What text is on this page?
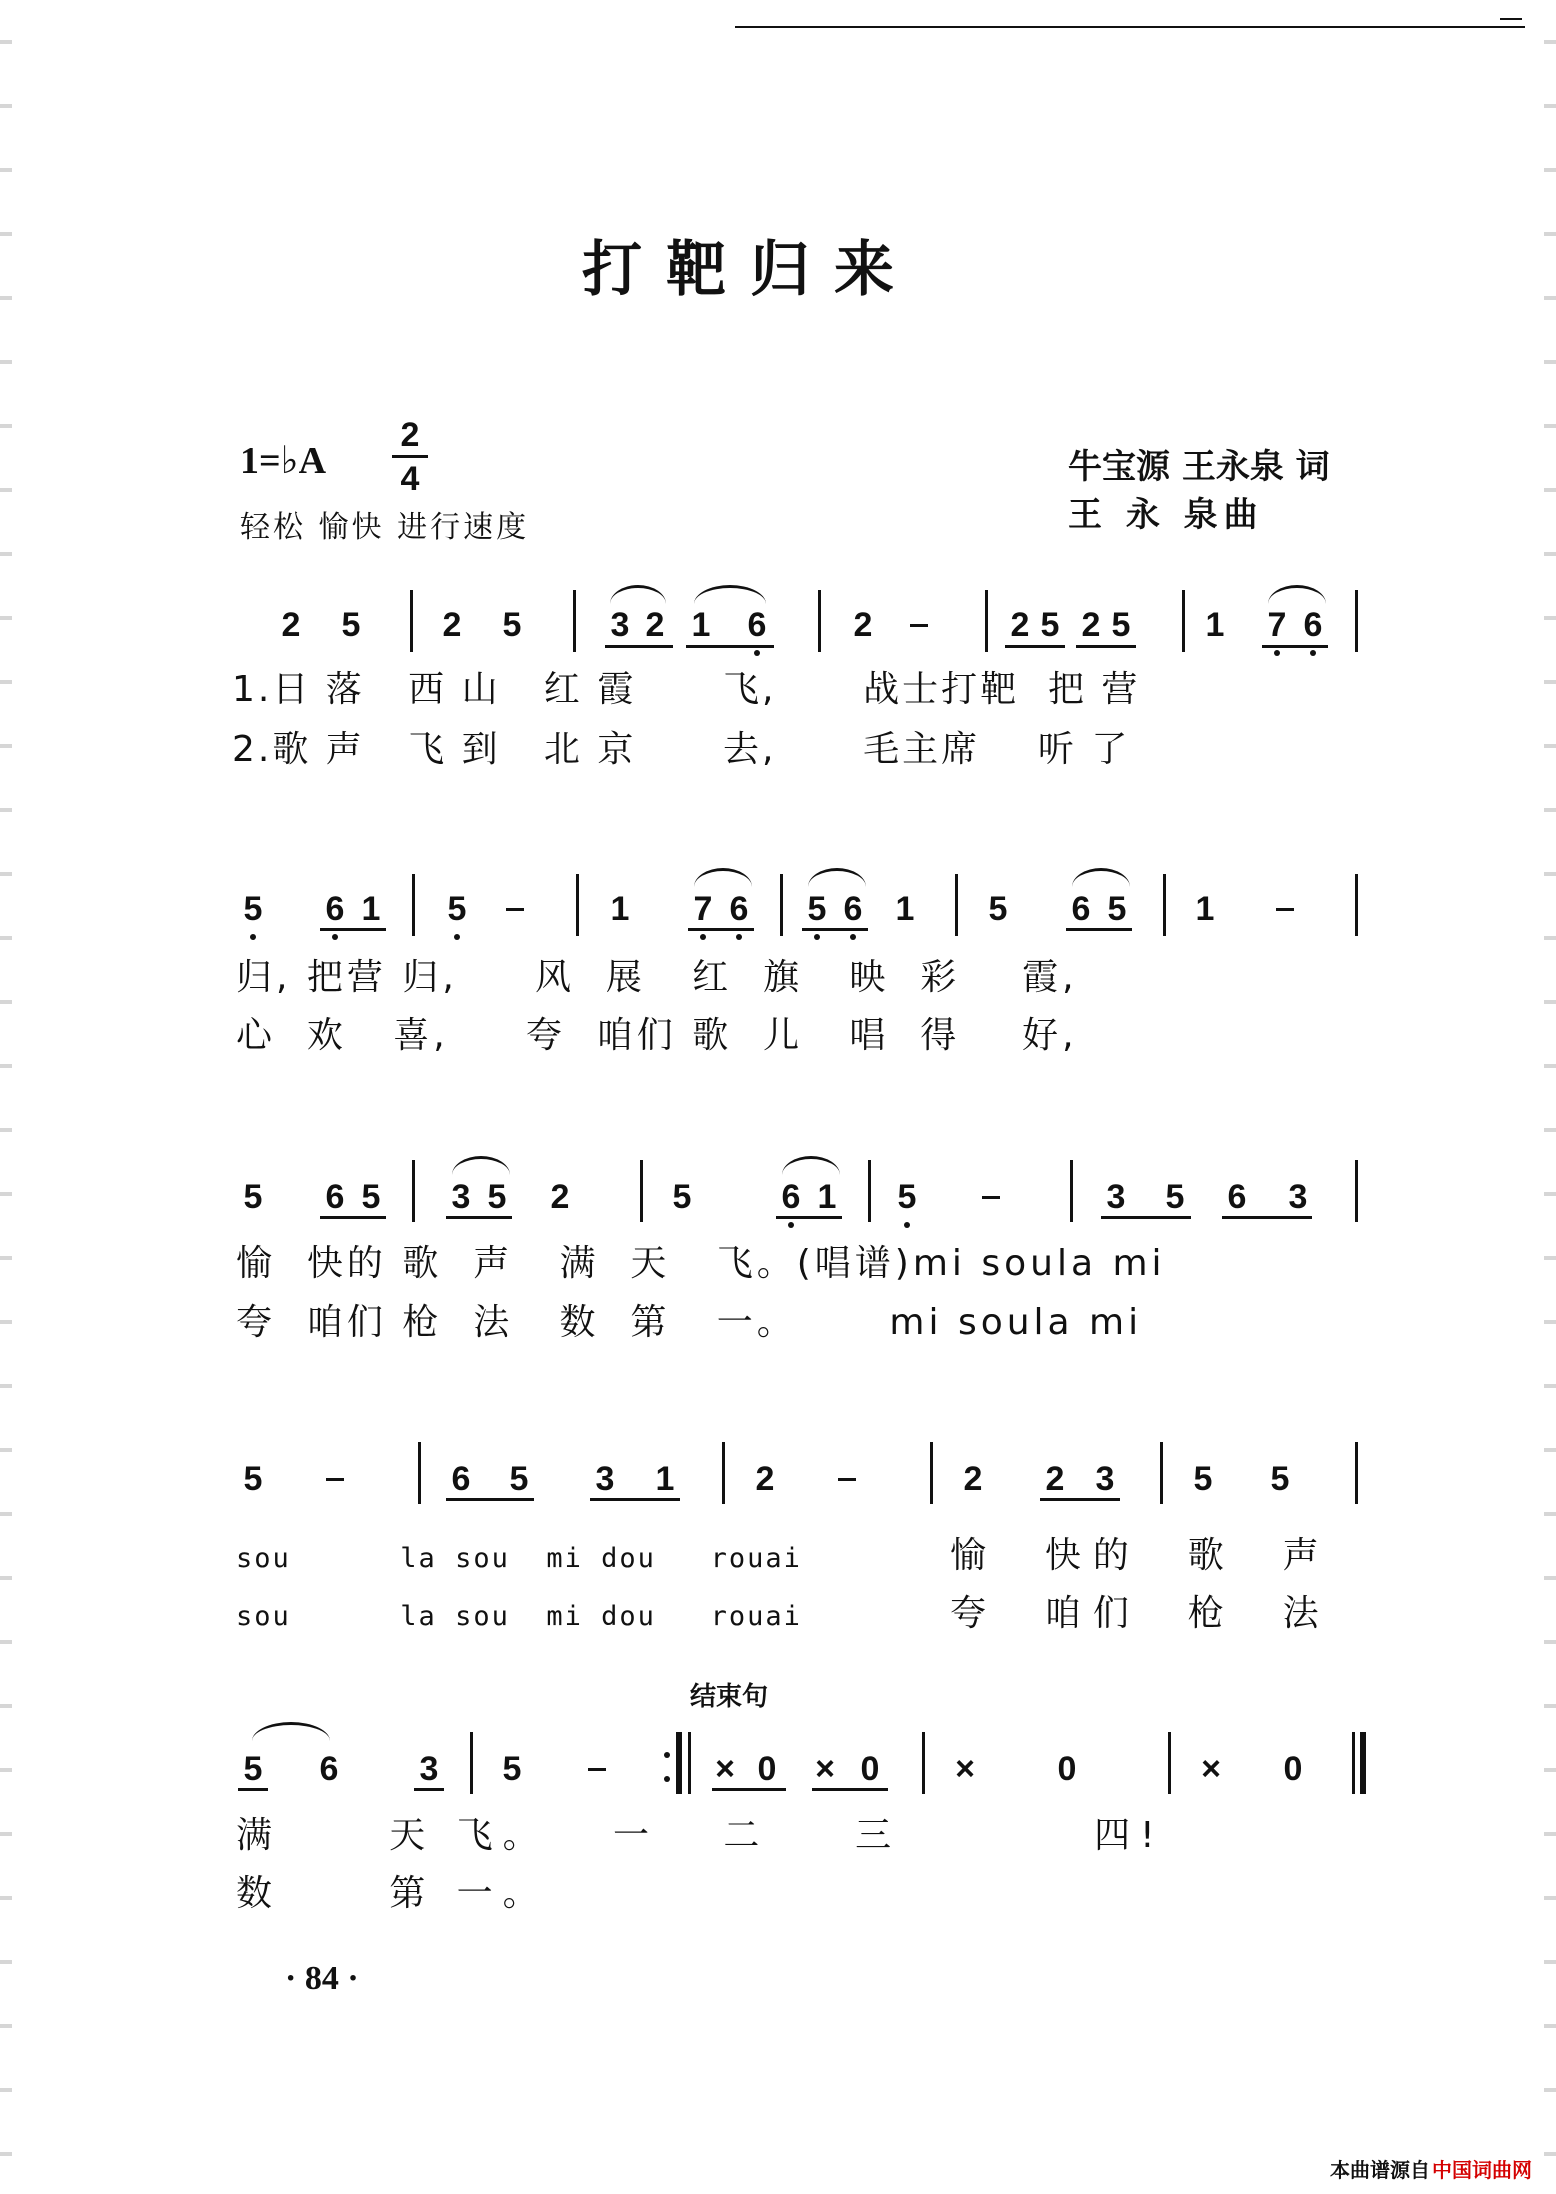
打靶归来
1=♭A
2
4
轻松 愉快 进行速度
牛宝源 王永泉 词
王 永 泉曲
2 5 2 5	3 2 1 6	2	2 5 2 5 1 7 6
1.日 落   西 山   红 霞      飞,      战士打靶  把 营
2.歌 声   飞 到   北 京      去,      毛主席    听 了
5 6 1 5	1 7 6 5 6 1 5 6 5 1
归, 把营 归,     风  展   红  旗   映  彩    霞,
心  欢   喜,     夸  咱们 歌  儿   唱  得    好,
5 6 5 3 5 2	5	6 1 5	3 5 6 3
愉  快的 歌  声   满  天   飞。(唱谱)mi soula mi
夸  咱们 枪  法   数  第   一。      mi soula mi
5	6 5 3 1 2	2 2 3 5 5
sou      la sou  mi dou   rouai	愉  快的  歌  声
sou      la sou  mi dou   rouai	夸  咱们  枪  法
结束句
5 6 3 5	× 0 × 0 × 0	× 0
满     天 飞。   一   二    三         四!
数     第 一。
· 84 ·
本曲谱源自 中国词曲网
